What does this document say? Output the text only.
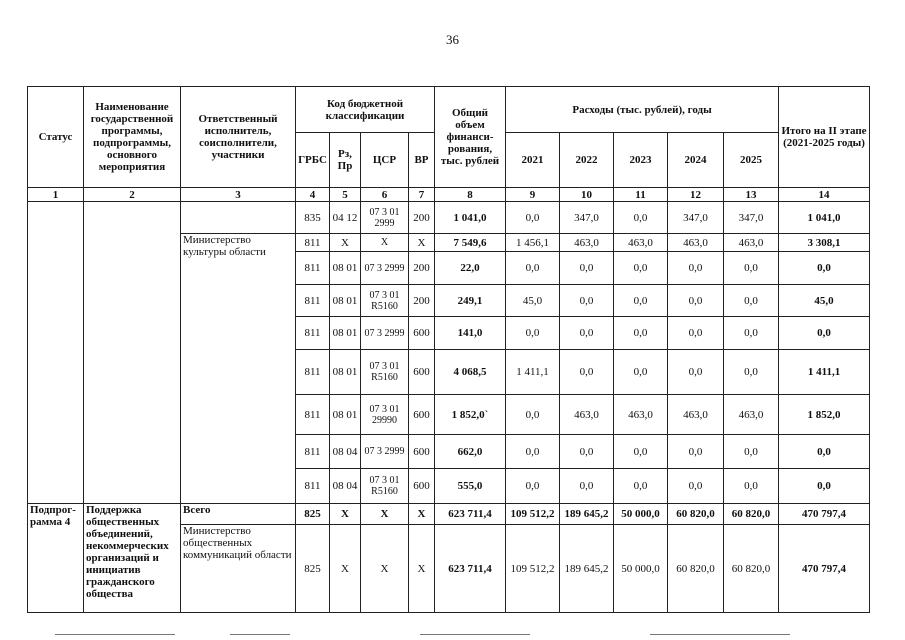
36
Статус	Наименование государственной программы, подпрограммы, основного мероприятия	Ответственный исполнитель, соисполнители, участники	Код бюджетной классификации				Общий объем финанси-рования, тыс. рублей	Расходы (тыс. рублей), годы					Итого на II этапе (2021-2025 годы)
			ГРБС	Рз, Пр	ЦСР	ВР		2021	2022	2023	2024	2025	
1	2	3	4	5	6	7	8	9	10	11	12	13	14
			835	04 12	07 3 01 2999	200	1 041,0	0,0	347,0	0,0	347,0	347,0	1 041,0
		Министерство культуры области	811	X	X	X	7 549,6	1 456,1	463,0	463,0	463,0	463,0	3 308,1
			811	08 01	07 3 2999	200	22,0	0,0	0,0	0,0	0,0	0,0	0,0
			811	08 01	07 3 01 R5160	200	249,1	45,0	0,0	0,0	0,0	0,0	45,0
			811	08 01	07 3 2999	600	141,0	0,0	0,0	0,0	0,0	0,0	0,0
			811	08 01	07 3 01 R5160	600	4 068,5	1 411,1	0,0	0,0	0,0	0,0	1 411,1
			811	08 01	07 3 01 29990	600	1 852,0`	0,0	463,0	463,0	463,0	463,0	1 852,0
			811	08 04	07 3 2999	600	662,0	0,0	0,0	0,0	0,0	0,0	0,0
			811	08 04	07 3 01 R5160	600	555,0	0,0	0,0	0,0	0,0	0,0	0,0
Подпрог-рамма 4	Поддержка общественных объединений, некоммерческих организаций и инициатив гражданского общества	Всего	825	X	X	X	623 711,4	109 512,2	189 645,2	50 000,0	60 820,0	60 820,0	470 797,4
		Министерство общественных коммуникаций области	825	X	X	X	623 711,4	109 512,2	189 645,2	50 000,0	60 820,0	60 820,0	470 797,4
